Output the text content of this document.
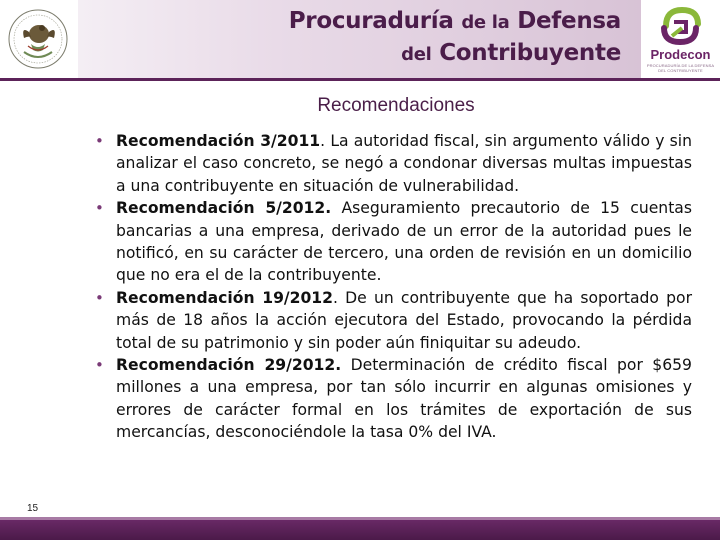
Procuraduría de la Defensa
del Contribuyente	Prodecon
PROCURADURÍA DE LA DEFENSA DEL CONTRIBUYENTE
Recomendaciones
• Recomendación 3/2011. La autoridad fiscal, sin argumento válido y sin analizar el caso concreto, se negó a condonar diversas multas impuestas a una contribuyente en situación de vulnerabilidad.
• Recomendación 5/2012. Aseguramiento precautorio de 15 cuentas bancarias a una empresa, derivado de un error de la autoridad pues le notificó, en su carácter de tercero, una orden de revisión en un domicilio que no era el de la contribuyente.
• Recomendación 19/2012. De un contribuyente que ha soportado por más de 18 años la acción ejecutora del Estado, provocando la pérdida total de su patrimonio y sin poder aún finiquitar su adeudo.
• Recomendación 29/2012. Determinación de crédito fiscal por $659 millones a una empresa, por tan sólo incurrir en algunas omisiones y errores de carácter formal en los trámites de exportación de sus mercancías, desconociéndole la tasa 0% del IVA.
15
